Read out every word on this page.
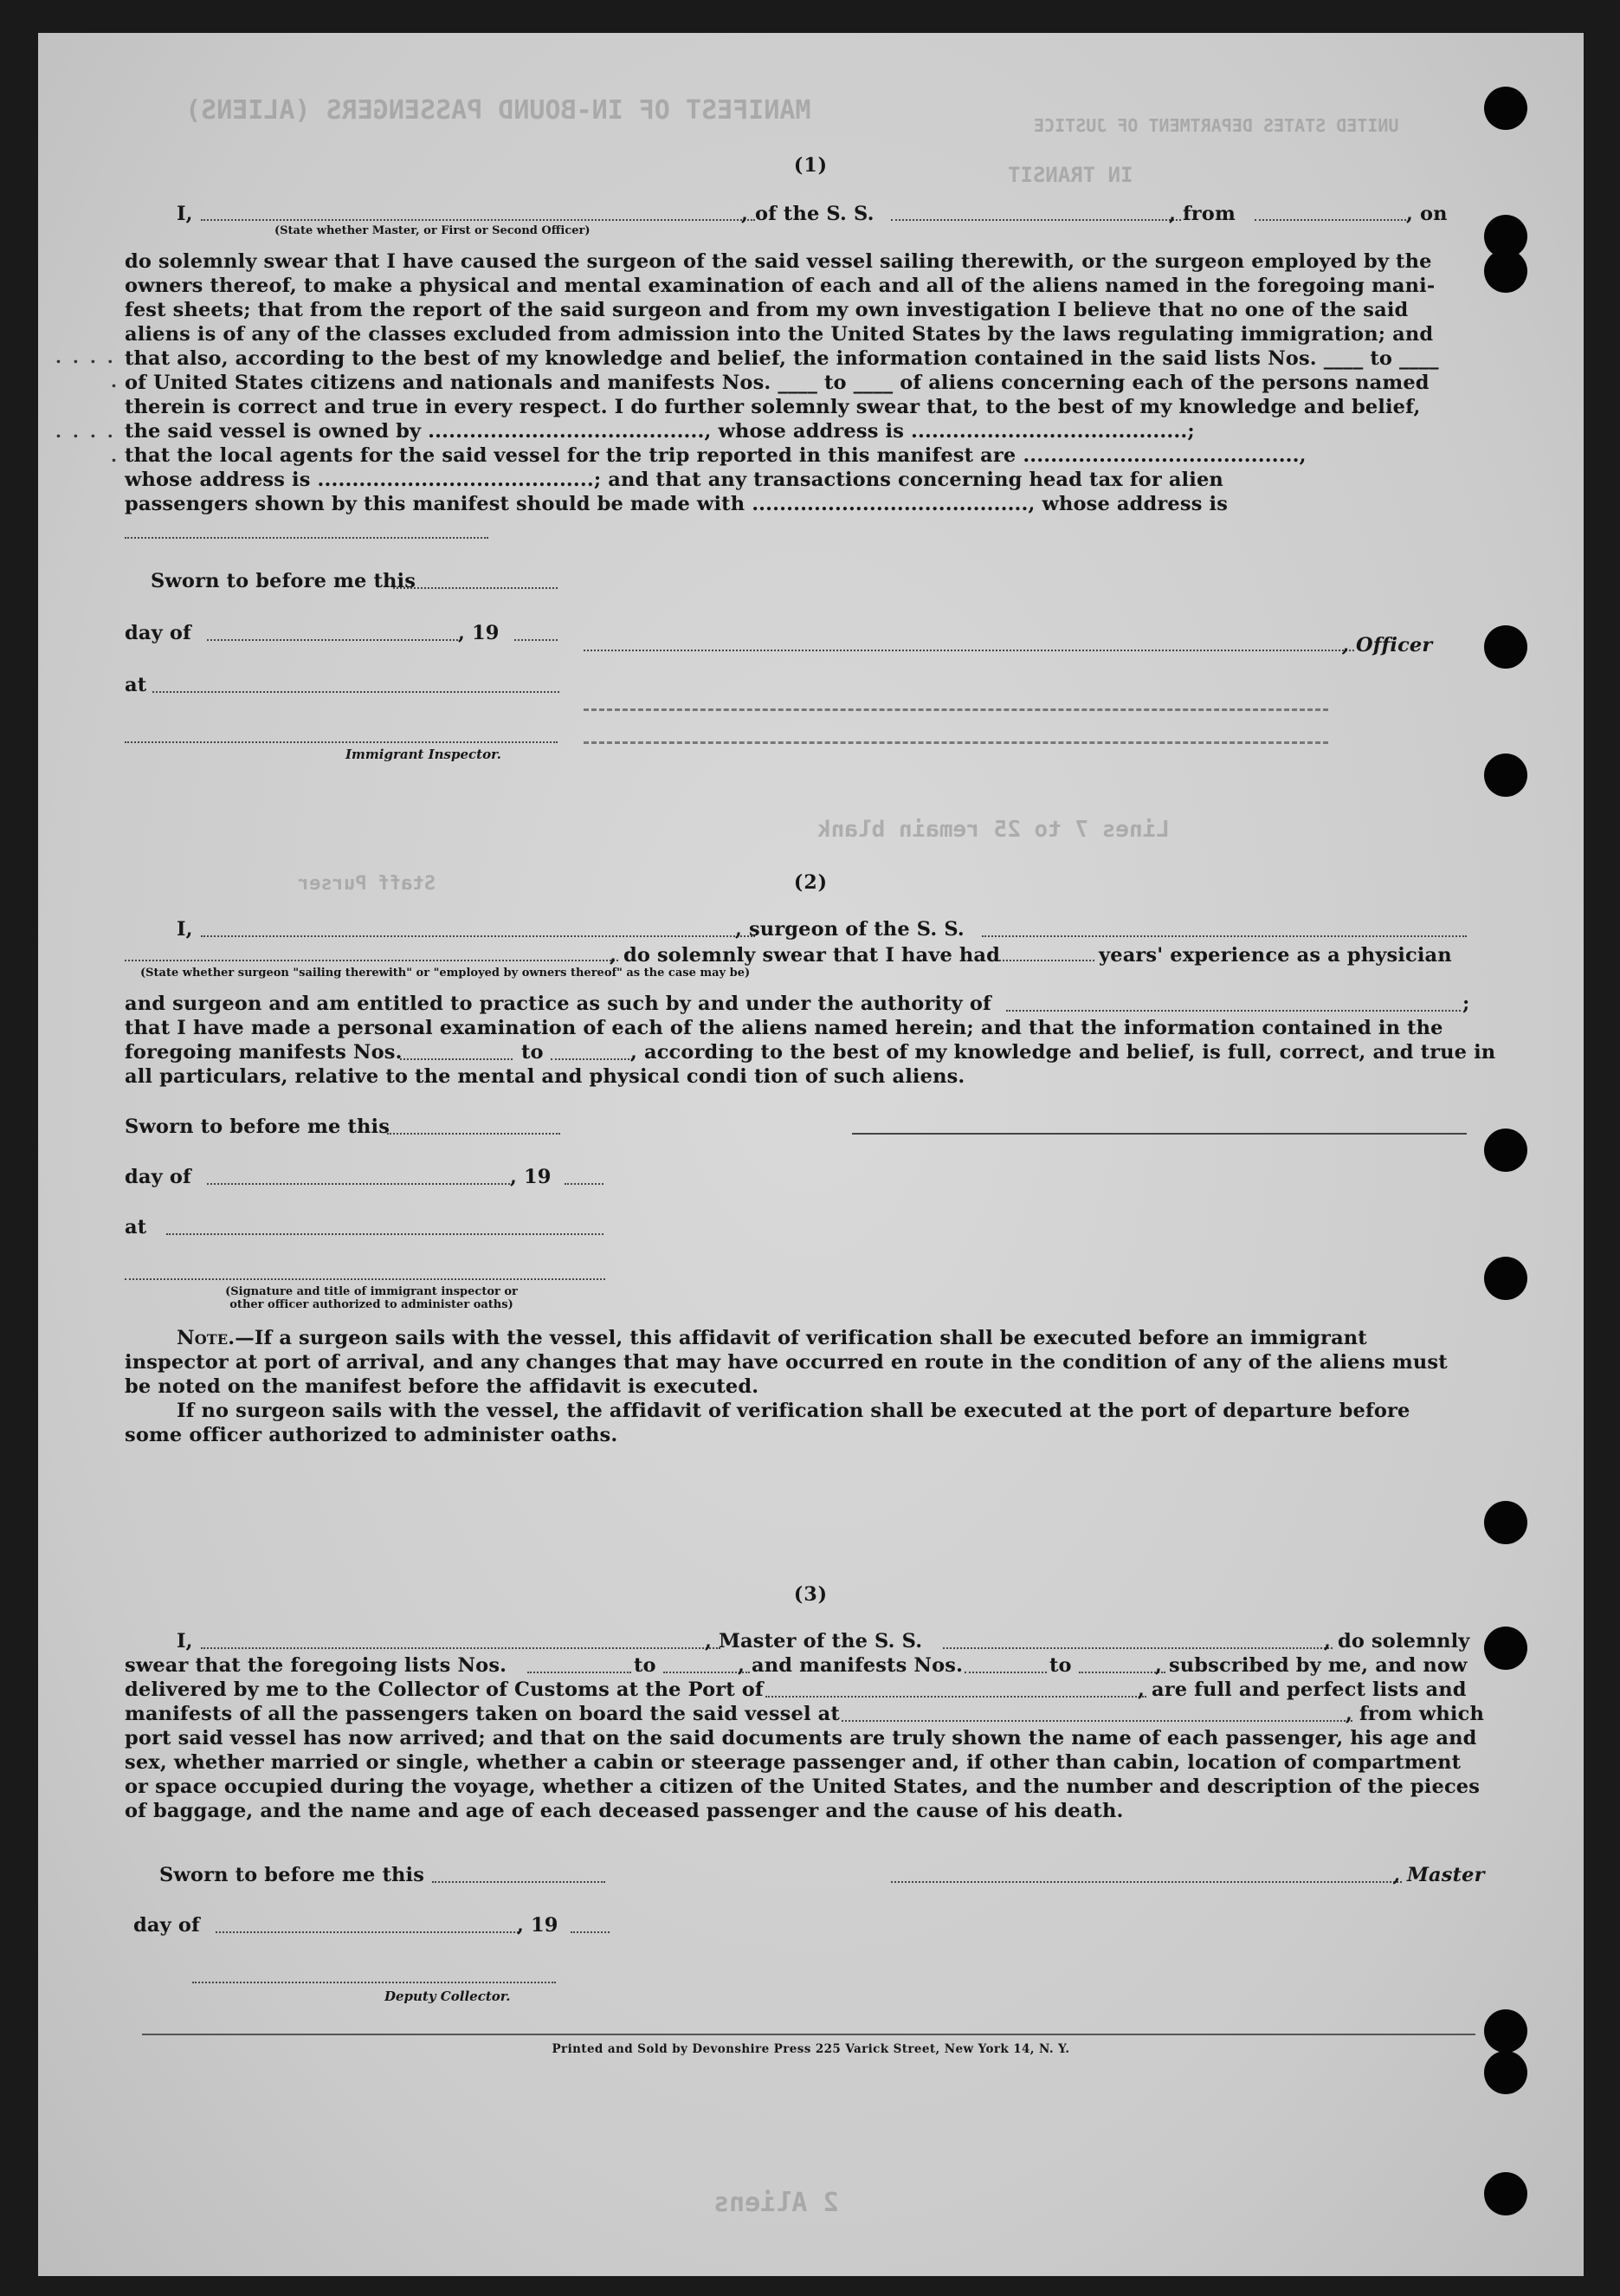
MANIFEST OF IN-BOUND PASSENGERS (ALIENS)	UNITED STATES DEPARTMENT OF JUSTICE
IN TRANSIT
Lines 7 to 25 remain blank
Staff Purser
2 Aliens
. . . .
.
. . . .
.
(1)
I,	, of the S. S.	, from	, on
(State whether Master, or First or Second Officer)
do solemnly swear that I have caused the surgeon of the said vessel sailing therewith, or the surgeon employed by the
owners thereof, to make a physical and mental examination of each and all of the aliens named in the foregoing mani-
fest sheets; that from the report of the said surgeon and from my own investigation I believe that no one of the said
aliens is of any of the classes excluded from admission into the United States by the laws regulating immigration; and
that also, according to the best of my knowledge and belief, the information contained in the said lists Nos. ____ to ____
of United States citizens and nationals and manifests Nos. ____ to ____ of aliens concerning each of the persons named
therein is correct and true in every respect. I do further solemnly swear that, to the best of my knowledge and belief,
the said vessel is owned by ........................................, whose address is ........................................;
that the local agents for the said vessel for the trip reported in this manifest are ........................................,
whose address is ........................................; and that any transactions concerning head tax for alien
passengers shown by this manifest should be made with ........................................, whose address is
Sworn to before me this
day of	, 19
at
Immigrant Inspector.
, Officer
(2)
I,	, surgeon of the S. S.
, do solemnly swear that I have had	years' experience as a physician
(State whether surgeon "sailing therewith" or "employed by owners thereof" as the case may be)
and surgeon and am entitled to practice as such by and under the authority of	;
that I have made a personal examination of each of the aliens named herein; and that the information contained in the
foregoing manifests Nos.	to	, according to the best of my knowledge and belief, is full, correct, and true in
all particulars, relative to the mental and physical condi tion of such aliens.
Sworn to before me this
day of	, 19
at
(Signature and title of immigrant inspector or
other officer authorized to administer oaths)
Note.—If a surgeon sails with the vessel, this affidavit of verification shall be executed before an immigrant
inspector at port of arrival, and any changes that may have occurred en route in the condition of any of the aliens must
be noted on the manifest before the affidavit is executed.
If no surgeon sails with the vessel, the affidavit of verification shall be executed at the port of departure before
some officer authorized to administer oaths.
(3)
I,	, Master of the S. S.	, do solemnly
swear that the foregoing lists Nos.	to	, and manifests Nos.	to	, subscribed by me, and now
delivered by me to the Collector of Customs at the Port of	, are full and perfect lists and
manifests of all the passengers taken on board the said vessel at	, from which
port said vessel has now arrived; and that on the said documents are truly shown the name of each passenger, his age and
sex, whether married or single, whether a cabin or steerage passenger and, if other than cabin, location of compartment
or space occupied during the voyage, whether a citizen of the United States, and the number and description of the pieces
of baggage, and the name and age of each deceased passenger and the cause of his death.
Sworn to before me this	, Master
day of	, 19
Deputy Collector.
Printed and Sold by Devonshire Press 225 Varick Street, New York 14, N. Y.
